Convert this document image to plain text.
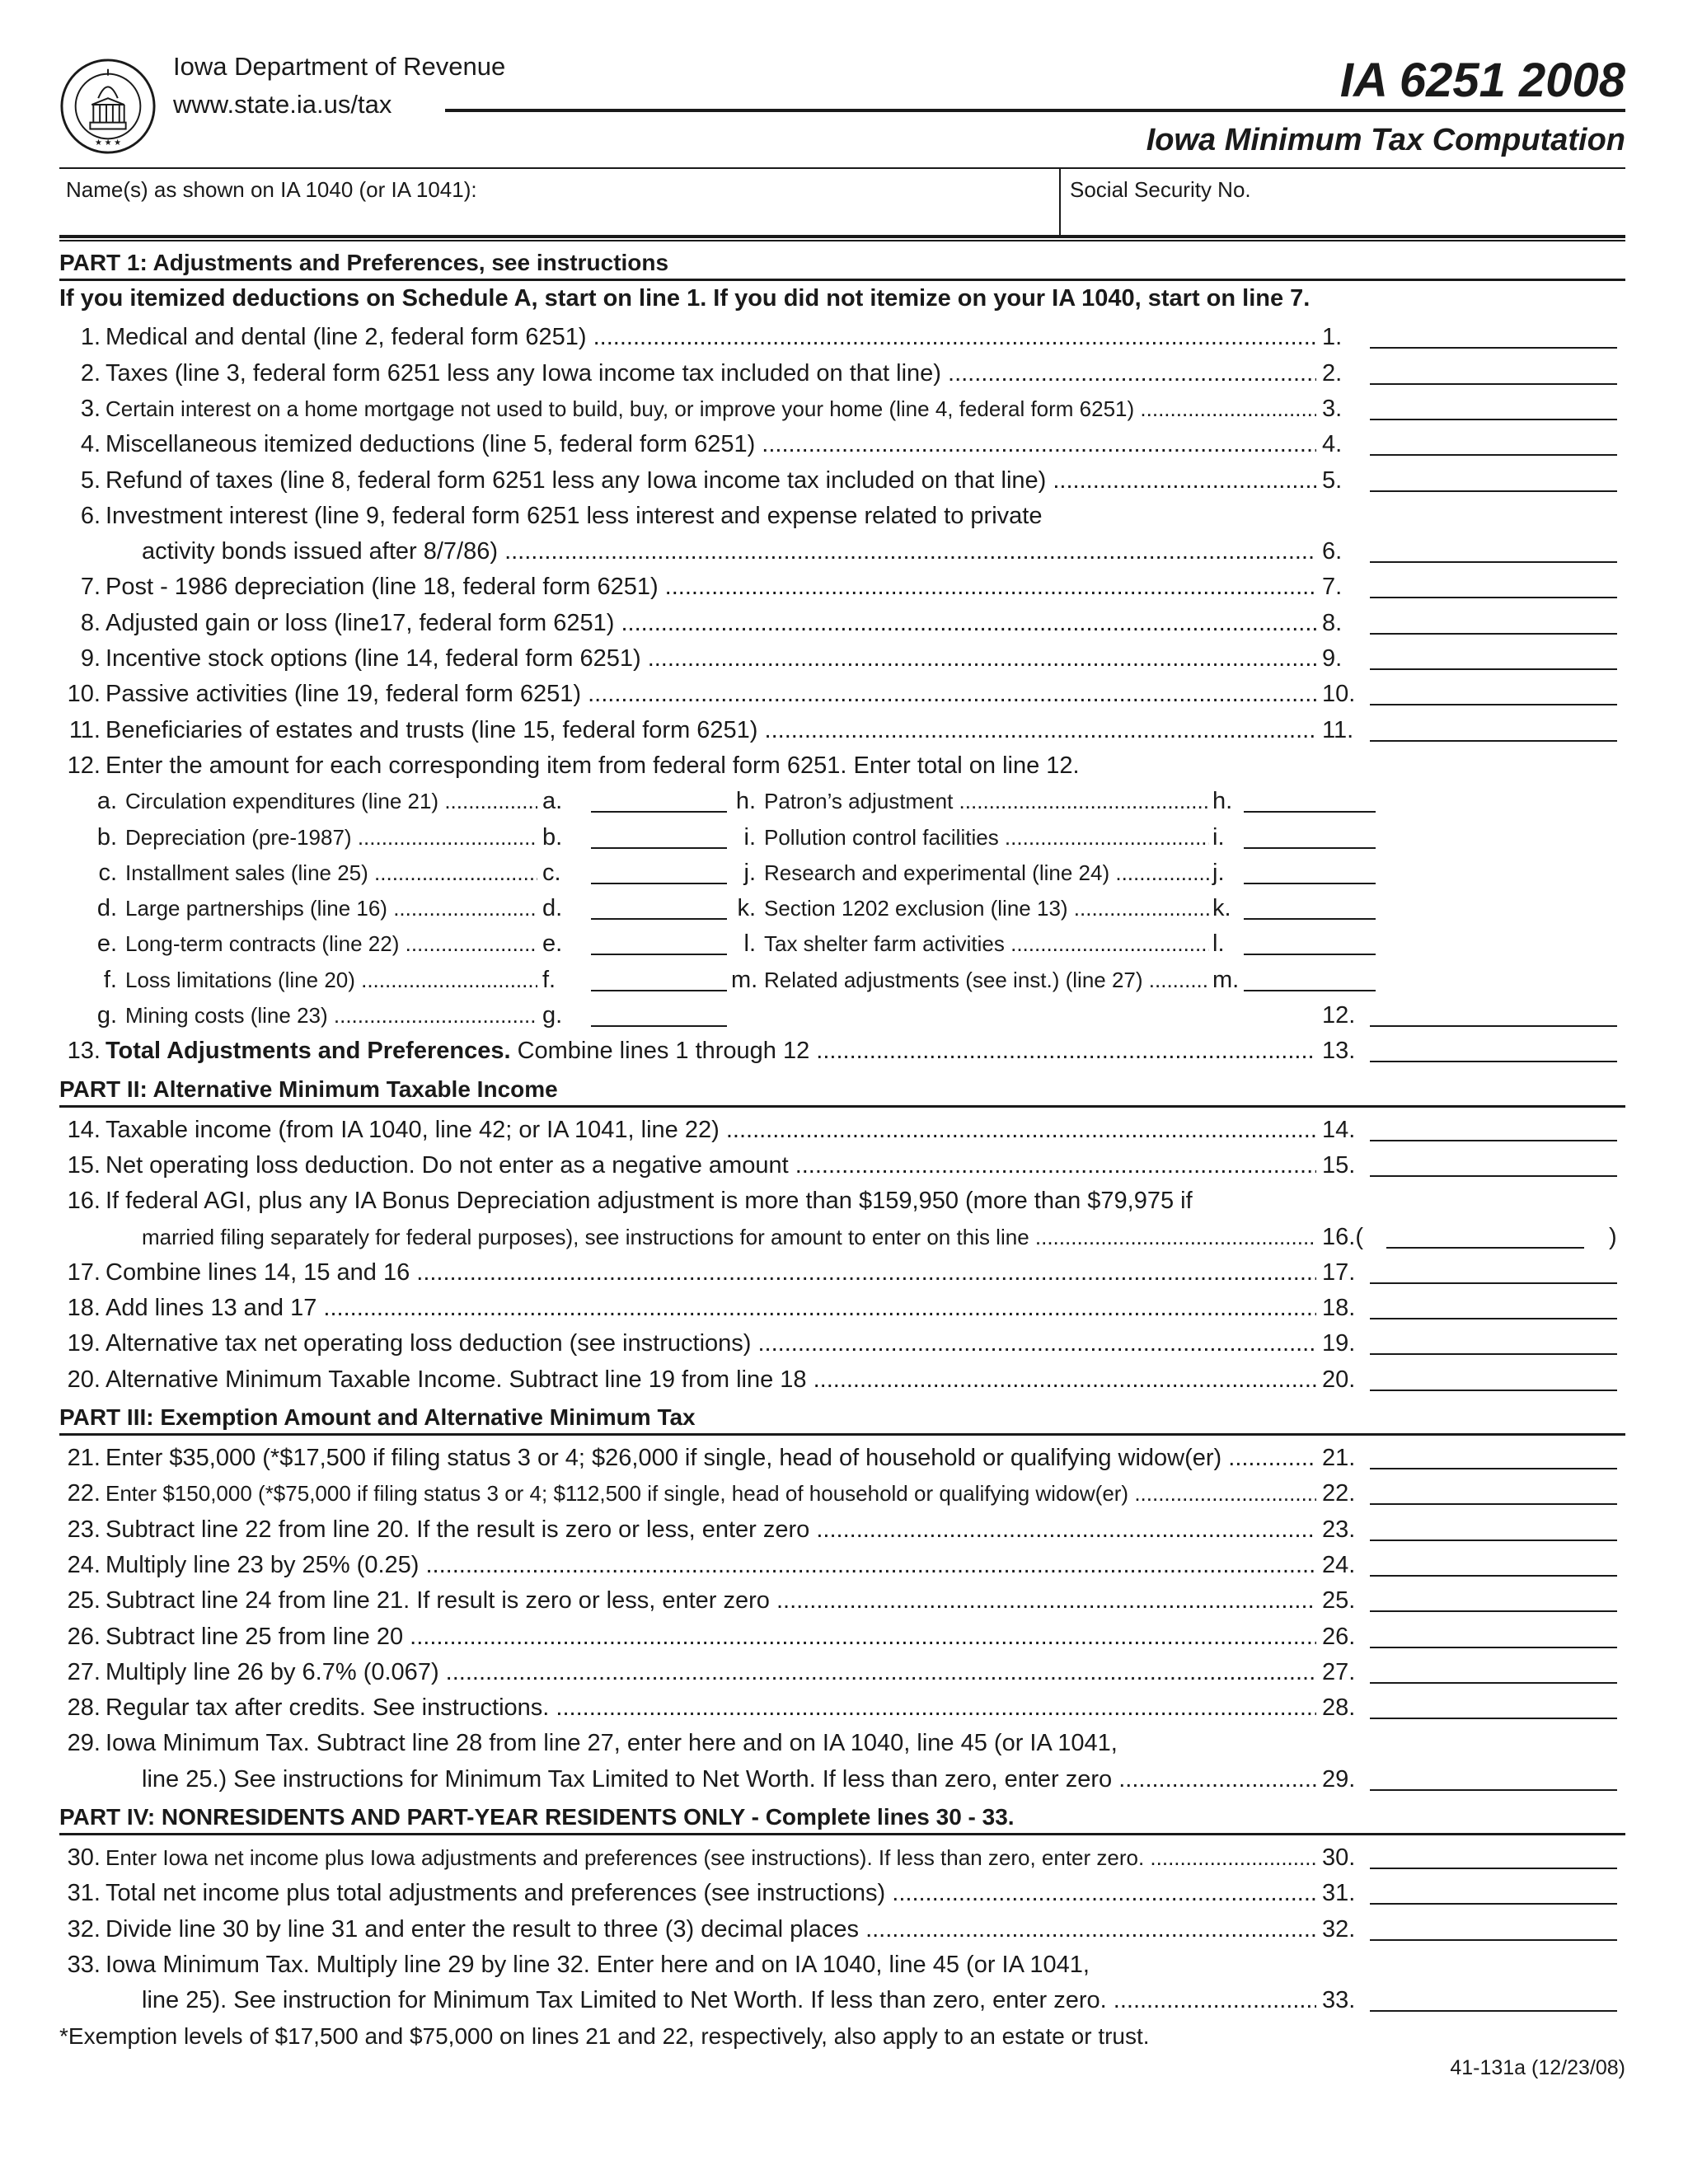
★ ★ ★
Iowa Department of Revenue
www.state.ia.us/tax	IA 6251 2008
Iowa Minimum Tax Computation
Name(s) as shown on IA 1040 (or IA 1041):	Social Security No.
PART 1: Adjustments and Preferences, see instructions
If you itemized deductions on Schedule A, start on line 1. If you did not itemize on your IA 1040, start on line 7.
1. Medical and dental (line 2, federal form 6251) .....	1.
2. Taxes (line 3, federal form 6251 less any Iowa income tax included on that line) .....	2.
3. Certain interest on a home mortgage not used to build, buy, or improve your home (line 4, federal form 6251) .....	3.
4. Miscellaneous itemized deductions (line 5, federal form 6251) .....	4.
5. Refund of taxes (line 8, federal form 6251 less any Iowa income tax included on that line) .....	5.
6. Investment interest (line 9, federal form 6251 less interest and expense related to private
activity bonds issued after 8/7/86) .....	6.
7. Post - 1986 depreciation (line 18, federal form 6251) .....	7.
8. Adjusted gain or loss (line17, federal form 6251) .....	8.
9. Incentive stock options (line 14, federal form 6251) .....	9.
10. Passive activities (line 19, federal form 6251) .....	10.
11. Beneficiaries of estates and trusts (line 15, federal form 6251) .....	11.
12. Enter the amount for each corresponding item from federal form 6251. Enter total on line 12.
a. Circulation expenditures (line 21) .....	a.
b. Depreciation (pre-1987) .....	b.
c. Installment sales (line 25) .....	c.
d. Large partnerships (line 16) .....	d.
e. Long-term contracts (line 22) .....	e.
f. Loss limitations (line 20) .....	f.
g. Mining costs (line 23) .....	g.
h. Patron’s adjustment .....	h.
i. Pollution control facilities .....	i.
j. Research and experimental (line 24) .....	j.
k. Section 1202 exclusion (line 13) .....	k.
l. Tax shelter farm activities .....	l.
m. Related adjustments (see inst.) (line 27) .....	m.
12.
13. Total Adjustments and Preferences. Combine lines 1 through 12 .....	13.
PART II: Alternative Minimum Taxable Income
14. Taxable income (from IA 1040, line 42; or IA 1041, line 22) .....	14.
15. Net operating loss deduction. Do not enter as a negative amount .....	15.
16. If federal AGI, plus any IA Bonus Depreciation adjustment is more than $159,950 (more than $79,975 if
married filing separately for federal purposes), see instructions for amount to enter on this line .....	16.(	)
17. Combine lines 14, 15 and 16 .....	17.
18. Add lines 13 and 17 .....	18.
19. Alternative tax net operating loss deduction (see instructions) .....	19.
20. Alternative Minimum Taxable Income. Subtract line 19 from line 18 .....	20.
PART III: Exemption Amount and Alternative Minimum Tax
21. Enter $35,000 (*$17,500 if filing status 3 or 4; $26,000 if single, head of household or qualifying widow(er) .....	21.
22. Enter $150,000 (*$75,000 if filing status 3 or 4; $112,500 if single, head of household or qualifying widow(er) .....	22.
23. Subtract line 22 from line 20. If the result is zero or less, enter zero .....	23.
24. Multiply line 23 by 25% (0.25) .....	24.
25. Subtract line 24 from line 21. If result is zero or less, enter zero .....	25.
26. Subtract line 25 from line 20 .....	26.
27. Multiply line 26 by 6.7% (0.067) .....	27.
28. Regular tax after credits. See instructions. .....	28.
29. Iowa Minimum Tax. Subtract line 28 from line 27, enter here and on IA 1040, line 45 (or IA 1041,
line 25.) See instructions for Minimum Tax Limited to Net Worth. If less than zero, enter zero .....	29.
PART IV: NONRESIDENTS AND PART-YEAR RESIDENTS ONLY - Complete lines 30 - 33.
30. Enter Iowa net income plus Iowa adjustments and preferences (see instructions). If less than zero, enter zero. .....	30.
31. Total net income plus total adjustments and preferences (see instructions) .....	31.
32. Divide line 30 by line 31 and enter the result to three (3) decimal places .....	32.
33. Iowa Minimum Tax. Multiply line 29 by line 32. Enter here and on IA 1040, line 45 (or IA 1041,
line 25). See instruction for Minimum Tax Limited to Net Worth. If less than zero, enter zero. .....	33.
*Exemption levels of $17,500 and $75,000 on lines 21 and 22, respectively, also apply to an estate or trust.
41-131a (12/23/08)
